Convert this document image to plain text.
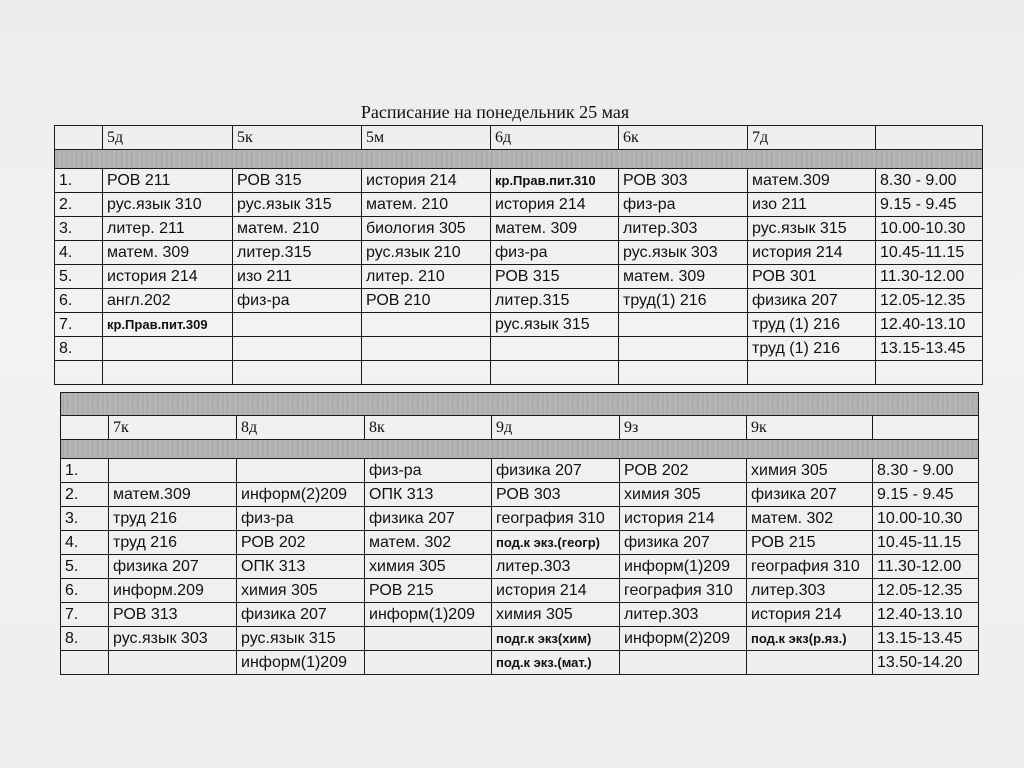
Расписание на понедельник 25 мая
	5д	5к	5м	6д	6к	7д	

1.	РОВ 211	РОВ 315	история 214	кр.Прав.пит.310	РОВ 303	матем.309	8.30 - 9.00
2.	рус.язык 310	рус.язык 315	матем. 210	история 214	физ-ра	изо 211	9.15 - 9.45
3.	литер. 211	матем. 210	биология 305	матем. 309	литер.303	рус.язык 315	10.00-10.30
4.	матем. 309	литер.315	рус.язык 210	физ-ра	рус.язык 303	история 214	10.45-11.15
5.	история 214	изо 211	литер. 210	РОВ 315	матем. 309	РОВ 301	11.30-12.00
6.	англ.202	физ-ра	РОВ 210	литер.315	труд(1) 216	физика 207	12.05-12.35
7.	кр.Прав.пит.309			рус.язык 315		труд (1) 216	12.40-13.10
8.						труд (1) 216	13.15-13.45

	7к	8д	8к	9д	9з	9к	

1.			физ-ра	физика 207	РОВ 202	химия 305	8.30 - 9.00
2.	матем.309	информ(2)209	ОПК 313	РОВ 303	химия 305	физика 207	9.15 - 9.45
3.	труд 216	физ-ра	физика 207	география 310	история 214	матем. 302	10.00-10.30
4.	труд 216	РОВ 202	матем. 302	под.к экз.(геогр)	физика 207	РОВ 215	10.45-11.15
5.	физика 207	ОПК 313	химия 305	литер.303	информ(1)209	география 310	11.30-12.00
6.	информ.209	химия 305	РОВ 215	история 214	география 310	литер.303	12.05-12.35
7.	РОВ 313	физика 207	информ(1)209	химия 305	литер.303	история 214	12.40-13.10
8.	рус.язык 303	рус.язык 315		подг.к экз(хим)	информ(2)209	под.к экз(р.яз.)	13.15-13.45
		информ(1)209		под.к экз.(мат.)			13.50-14.20
